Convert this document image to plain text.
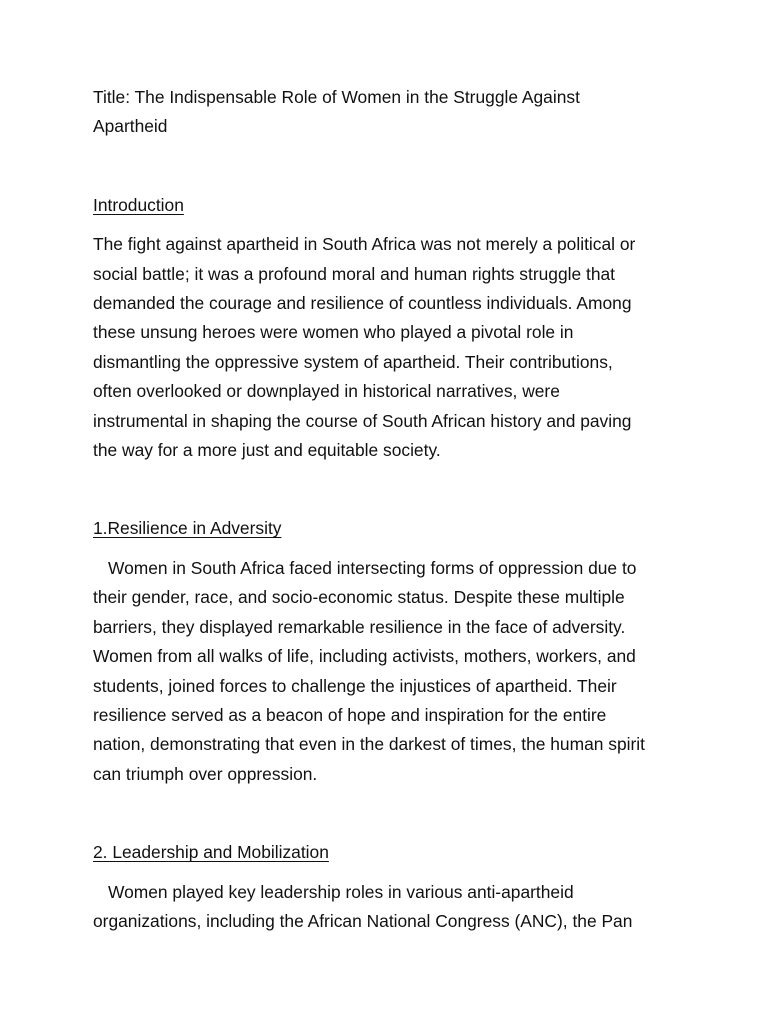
Title: The Indispensable Role of Women in the Struggle Against

Apartheid

Introduction

The fight against apartheid in South Africa was not merely a political or

social battle; it was a profound moral and human rights struggle that

demanded the courage and resilience of countless individuals. Among

these unsung heroes were women who played a pivotal role in

dismantling the oppressive system of apartheid. Their contributions,

often overlooked or downplayed in historical narratives, were

instrumental in shaping the course of South African history and paving

the way for a more just and equitable society.

1.Resilience in Adversity

Women in South Africa faced intersecting forms of oppression due to

their gender, race, and socio-economic status. Despite these multiple

barriers, they displayed remarkable resilience in the face of adversity.

Women from all walks of life, including activists, mothers, workers, and

students, joined forces to challenge the injustices of apartheid. Their

resilience served as a beacon of hope and inspiration for the entire

nation, demonstrating that even in the darkest of times, the human spirit

can triumph over oppression.

2. Leadership and Mobilization

Women played key leadership roles in various anti-apartheid

organizations, including the African National Congress (ANC), the Pan
